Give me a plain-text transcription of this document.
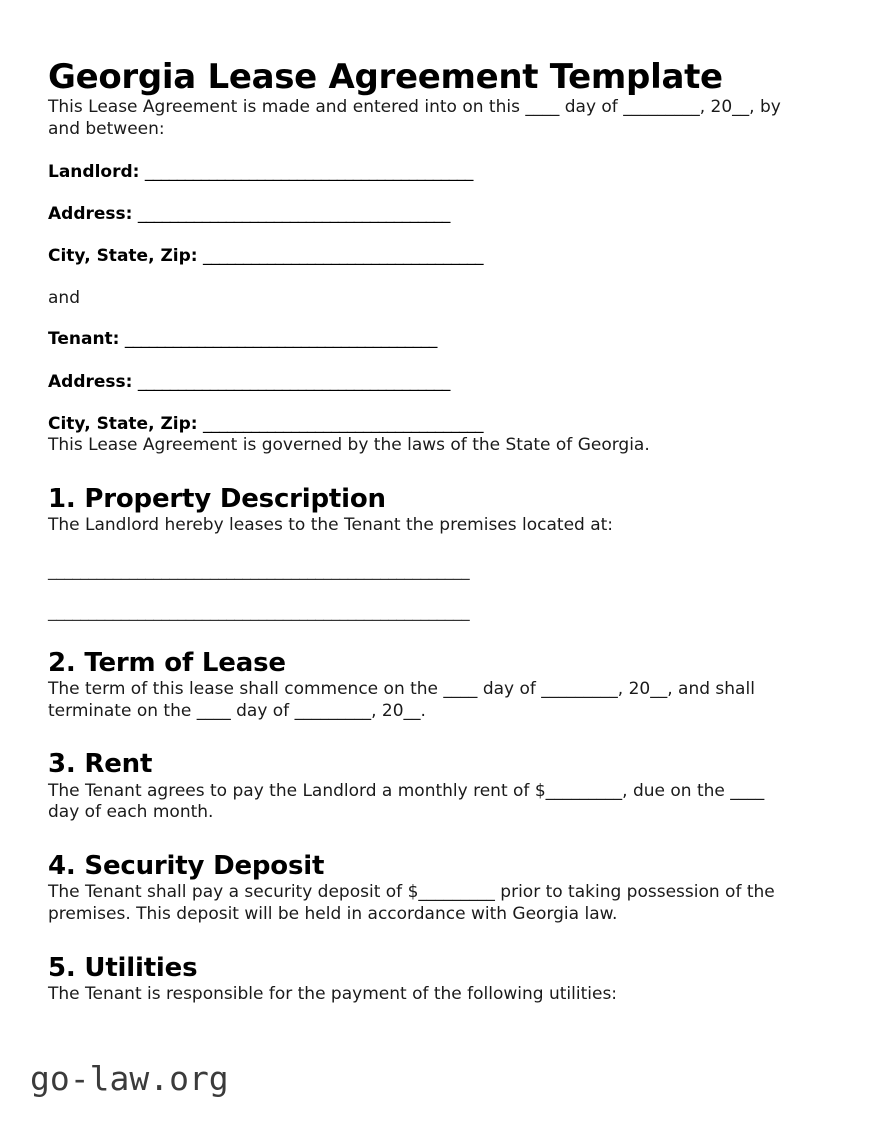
Georgia Lease Agreement Template

This Lease Agreement is made and entered into on this ____ day of _________, 20__, by and between:

Landlord: _________________________________________
Address: _______________________________________
City, State, Zip: ___________________________________
and
Tenant: _______________________________________
Address: _______________________________________
City, State, Zip: ___________________________________

This Lease Agreement is governed by the laws of the State of Georgia.

1. Property Description

The Landlord hereby leases to the Tenant the premises located at:

____________________________________________________
____________________________________________________
2. Term of Lease

The term of this lease shall commence on the ____ day of _________, 20__, and shall terminate on the ____ day of _________, 20__.

3. Rent

The Tenant agrees to pay the Landlord a monthly rent of $_________, due on the ____ day of each month.

4. Security Deposit

The Tenant shall pay a security deposit of $_________ prior to taking possession of the premises. This deposit will be held in accordance with Georgia law.

5. Utilities

The Tenant is responsible for the payment of the following utilities:

go-law.org
